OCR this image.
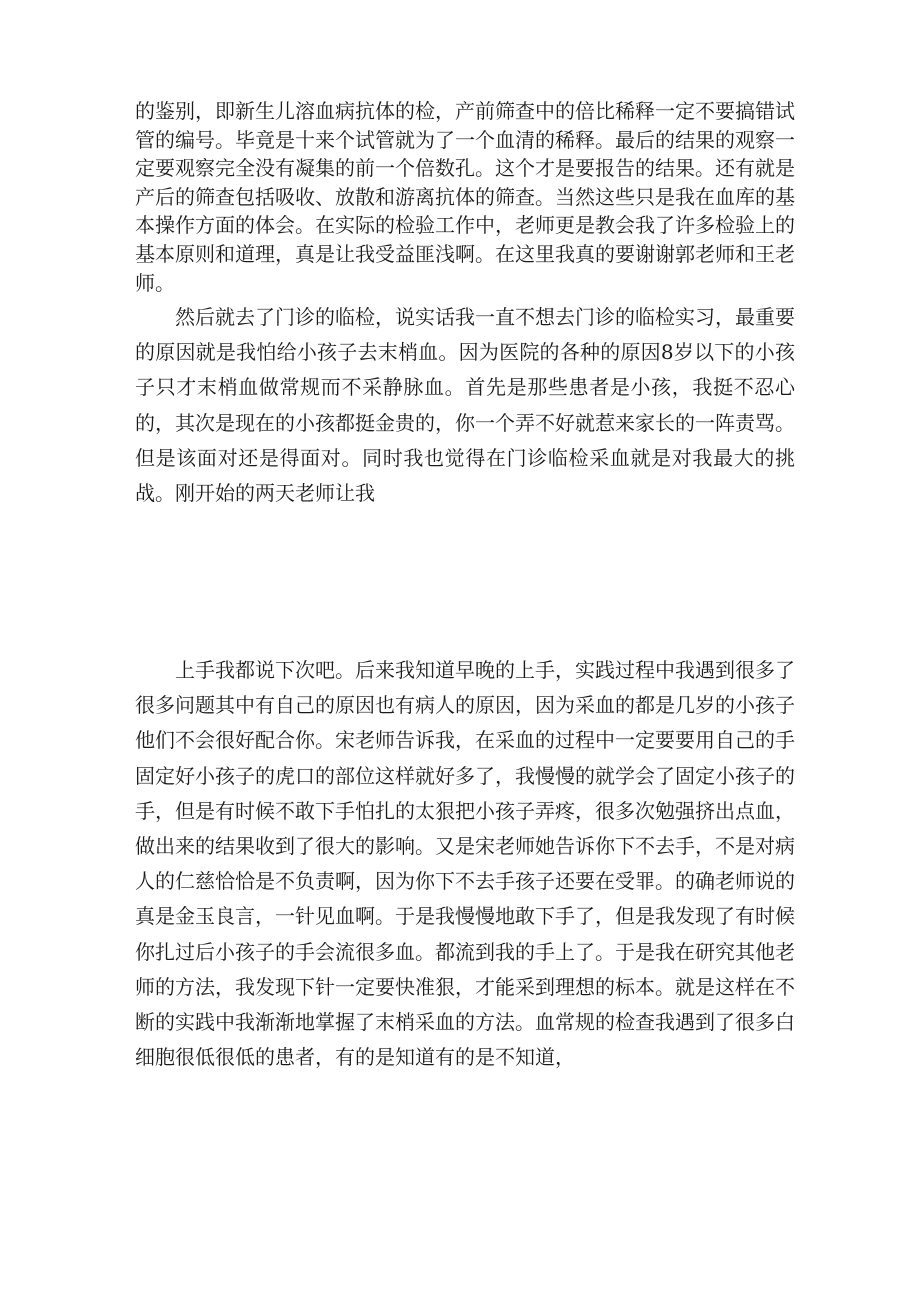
的鉴别，即新生儿溶血病抗体的检，产前筛查中的倍比稀释一定不要搞错试管的编号。毕竟是十来个试管就为了一个血清的稀释。最后的结果的观察一定要观察完全没有凝集的前一个倍数孔。这个才是要报告的结果。还有就是产后的筛查包括吸收、放散和游离抗体的筛查。当然这些只是我在血库的基本操作方面的体会。在实际的检验工作中，老师更是教会我了许多检验上的基本原则和道理，真是让我受益匪浅啊。在这里我真的要谢谢郭老师和王老师。

然后就去了门诊的临检，说实话我一直不想去门诊的临检实习，最重要的原因就是我怕给小孩子去末梢血。因为医院的各种的原因8岁以下的小孩子只才末梢血做常规而不采静脉血。首先是那些患者是小孩，我挺不忍心的，其次是现在的小孩都挺金贵的，你一个弄不好就惹来家长的一阵责骂。但是该面对还是得面对。同时我也觉得在门诊临检采血就是对我最大的挑战。刚开始的两天老师让我

上手我都说下次吧。后来我知道早晚的上手，实践过程中我遇到很多了很多问题其中有自己的原因也有病人的原因，因为采血的都是几岁的小孩子他们不会很好配合你。宋老师告诉我，在采血的过程中一定要要用自己的手固定好小孩子的虎口的部位这样就好多了，我慢慢的就学会了固定小孩子的手，但是有时候不敢下手怕扎的太狠把小孩子弄疼，很多次勉强挤出点血，做出来的结果收到了很大的影响。又是宋老师她告诉你下不去手，不是对病人的仁慈恰恰是不负责啊，因为你下不去手孩子还要在受罪。的确老师说的真是金玉良言，一针见血啊。于是我慢慢地敢下手了，但是我发现了有时候你扎过后小孩子的手会流很多血。都流到我的手上了。于是我在研究其他老师的方法，我发现下针一定要快准狠，才能采到理想的标本。就是这样在不断的实践中我渐渐地掌握了末梢采血的方法。血常规的检查我遇到了很多白细胞很低很低的患者，有的是知道有的是不知道，
